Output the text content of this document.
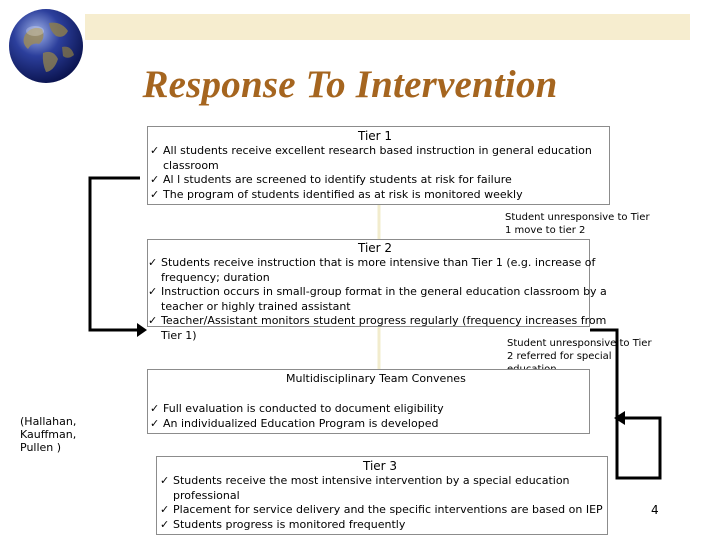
Response To Intervention
Tier 1
✓ All students receive excellent research based instruction in general education
classroom
✓ Al l students are screened to identify students at risk for failure
✓ The program of students identified as at risk is monitored weekly
Student unresponsive to Tier
1 move to tier 2
Tier 2
✓ Students receive instruction that is more intensive than Tier 1 (e.g. increase of
frequency; duration
✓ Instruction occurs in small-group format in the general education classroom by a
teacher or highly trained assistant
✓ Teacher/Assistant monitors student progress regularly (frequency increases from
Tier 1)
Student unresponsive to Tier
2 referred for special
Multidisciplinary Team Convenes
✓ Full evaluation is conducted to document eligibility
✓ An individualized Education Program is developed
Tier 3
✓ Students receive the most intensive intervention by a special education
professional
✓ Placement for service delivery and the specific interventions are based on IEP
✓ Students progress is monitored frequently
(Hallahan,
Kauffman,
Pullen )
4
